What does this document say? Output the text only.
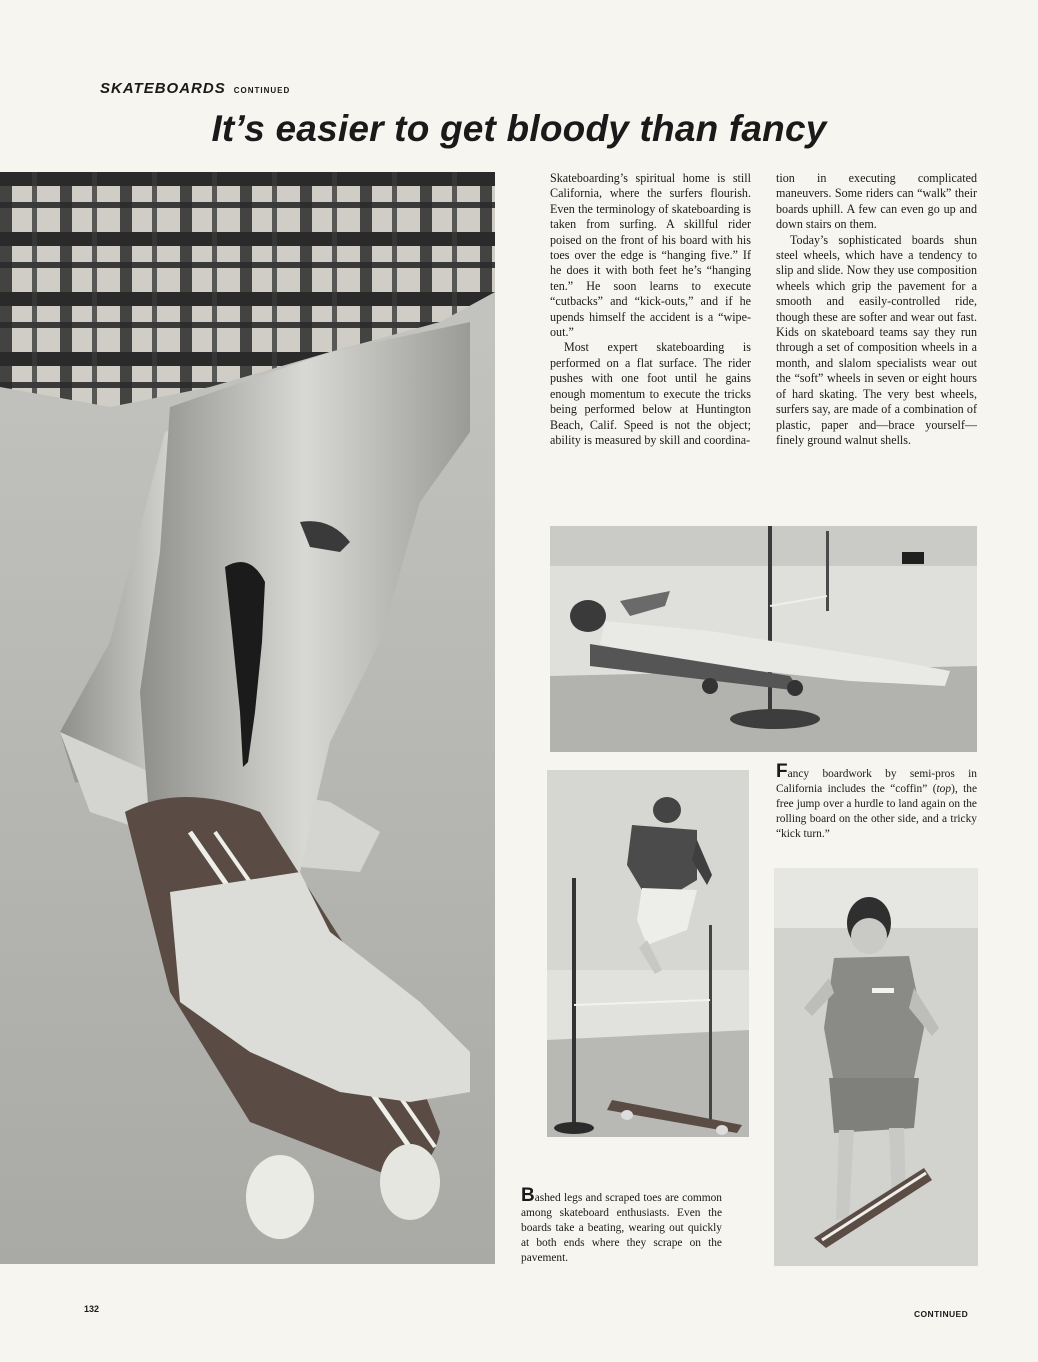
SKATEBOARDS CONTINUED
It’s easier to get bloody than fancy

Skateboarding’s spiritual home is still California, where the surfers flourish. Even the terminology of skateboarding is taken from surfing. A skillful rider poised on the front of his board with his toes over the edge is “hanging five.” If he does it with both feet he’s “hanging ten.” He soon learns to execute “cutbacks” and “kick-outs,” and if he upends himself the accident is a “wipe-out.”

Most expert skateboarding is performed on a flat surface. The rider pushes with one foot until he gains enough momentum to execute the tricks being performed below at Huntington Beach, Calif. Speed is not the object; ability is measured by skill and coordina-

tion in executing complicated maneuvers. Some riders can “walk” their boards uphill. A few can even go up and down stairs on them.

Today’s sophisticated boards shun steel wheels, which have a tendency to slip and slide. Now they use composition wheels which grip the pavement for a smooth and easily-controlled ride, though these are softer and wear out fast. Kids on skateboard teams say they run through a set of composition wheels in a month, and slalom specialists wear out the “soft” wheels in seven or eight hours of hard skating. The very best wheels, surfers say, are made of a combination of plastic, paper and—brace yourself—finely ground walnut shells.

Fancy boardwork by semi-pros in California includes the “coffin” (top), the free jump over a hurdle to land again on the rolling board on the other side, and a tricky “kick turn.”
Bashed legs and scraped toes are common among skateboard enthusiasts. Even the boards take a beating, wearing out quickly at both ends where they scrape on the pavement.
132	CONTINUED
